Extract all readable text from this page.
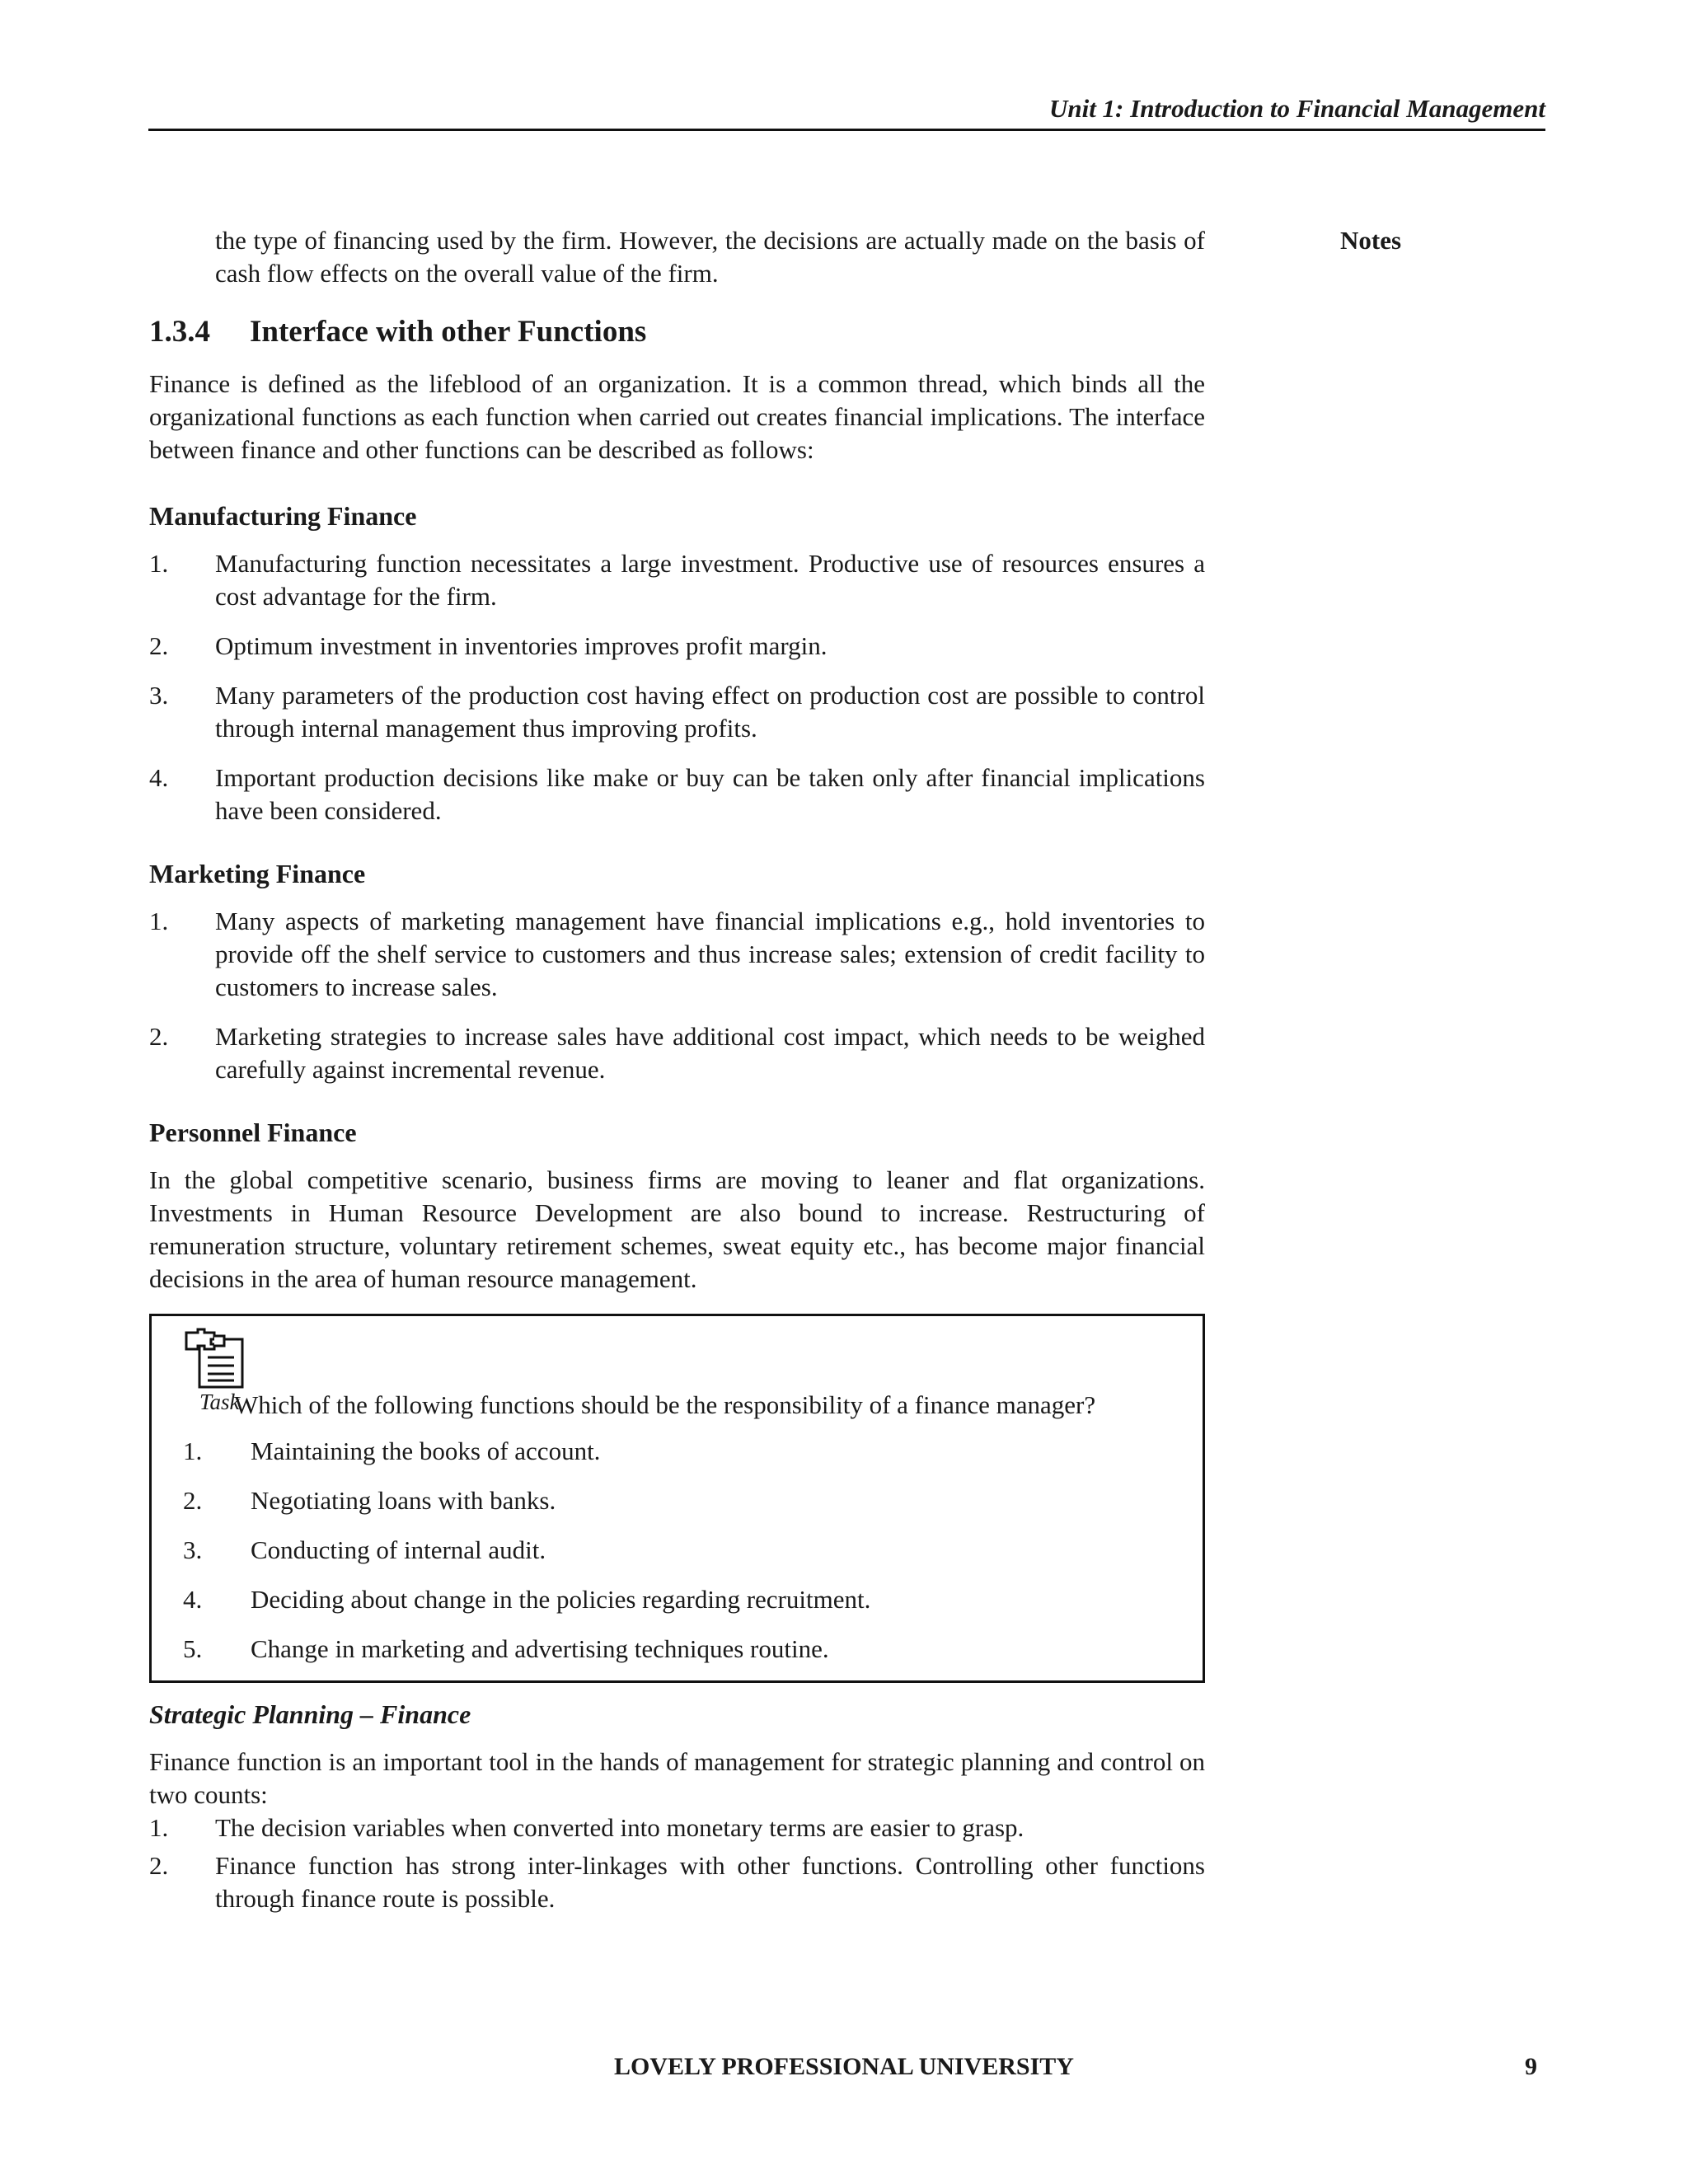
Unit 1: Introduction to Financial Management
Notes

the type of financing used by the firm. However, the decisions are actually made on the basis of cash flow effects on the overall value of the firm.

1.3.4 Interface with other Functions

Finance is defined as the lifeblood of an organization. It is a common thread, which binds all the organizational functions as each function when carried out creates financial implications. The interface between finance and other functions can be described as follows:

Manufacturing Finance
1. Manufacturing function necessitates a large investment. Productive use of resources ensures a cost advantage for the firm.
2. Optimum investment in inventories improves profit margin.
3. Many parameters of the production cost having effect on production cost are possible to control through internal management thus improving profits.
4. Important production decisions like make or buy can be taken only after financial implications have been considered.
Marketing Finance
1. Many aspects of marketing management have financial implications e.g., hold inventories to provide off the shelf service to customers and thus increase sales; extension of credit facility to customers to increase sales.
2. Marketing strategies to increase sales have additional cost impact, which needs to be weighed carefully against incremental revenue.
Personnel Finance

In the global competitive scenario, business firms are moving to leaner and flat organizations. Investments in Human Resource Development are also bound to increase. Restructuring of remuneration structure, voluntary retirement schemes, sweat equity etc., has become major financial decisions in the area of human resource management.

Task
Which of the following functions should be the responsibility of a finance manager?
1. Maintaining the books of account.
2. Negotiating loans with banks.
3. Conducting of internal audit.
4. Deciding about change in the policies regarding recruitment.
5. Change in marketing and advertising techniques routine.
Strategic Planning – Finance

Finance function is an important tool in the hands of management for strategic planning and control on two counts:

1. The decision variables when converted into monetary terms are easier to grasp.
2. Finance function has strong inter-linkages with other functions. Controlling other functions through finance route is possible.
LOVELY PROFESSIONAL UNIVERSITY	9
